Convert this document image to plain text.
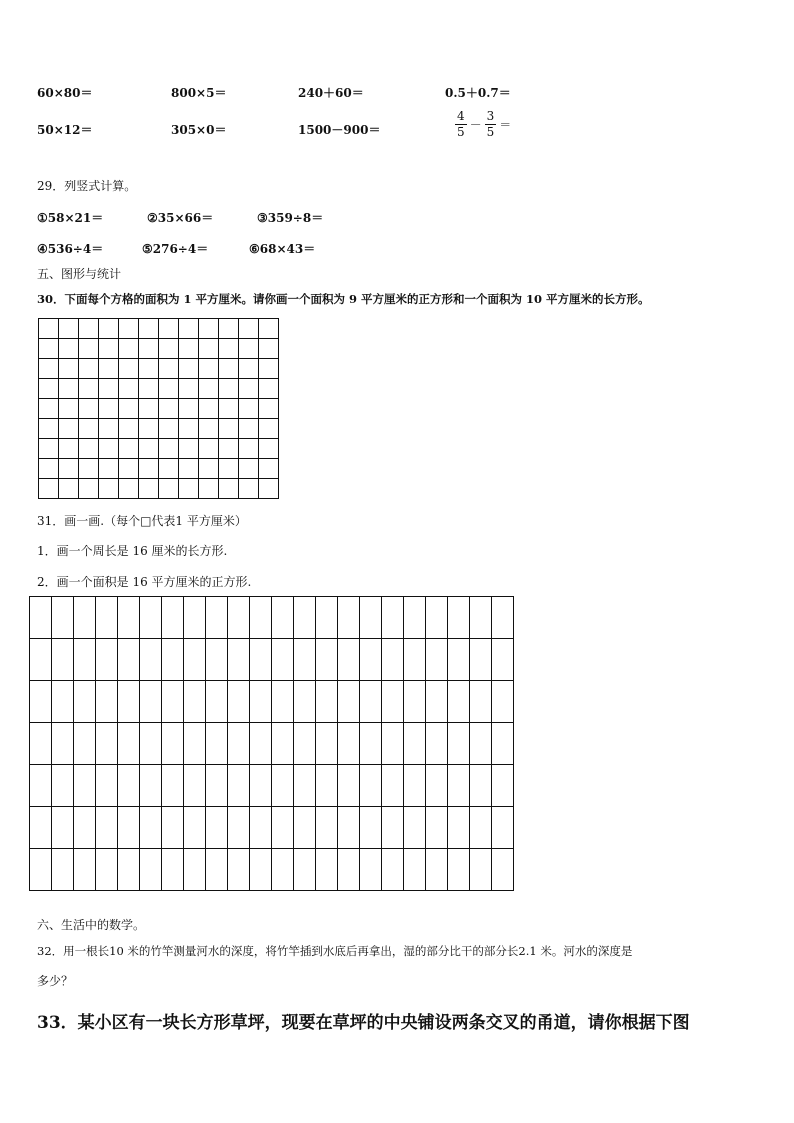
60×80＝	800×5＝	240＋60＝	0.5＋0.7＝
50×12＝	305×0＝	1500－900＝	$\frac{4}{5} - \frac{3}{5}$ ＝
29．列竖式计算。
①58×21＝	②35×66＝	③359÷8＝
④536÷4＝	⑤276÷4＝	⑥68×43＝
五、图形与统计
30．下面每个方格的面积为 1 平方厘米。请你画一个面积为 9 平方厘米的正方形和一个面积为 10 平方厘米的长方形。
31．画一画.（每个□代表1 平方厘米）
1．画一个周长是 16 厘米的长方形.
2．画一个面积是 16 平方厘米的正方形.
六、生活中的数学。
32．用一根长10 米的竹竿测量河水的深度，将竹竿插到水底后再拿出，湿的部分比干的部分长2.1 米。河水的深度是
多少？
33．某小区有一块长方形草坪，现要在草坪的中央铺设两条交叉的甬道，请你根据下图
